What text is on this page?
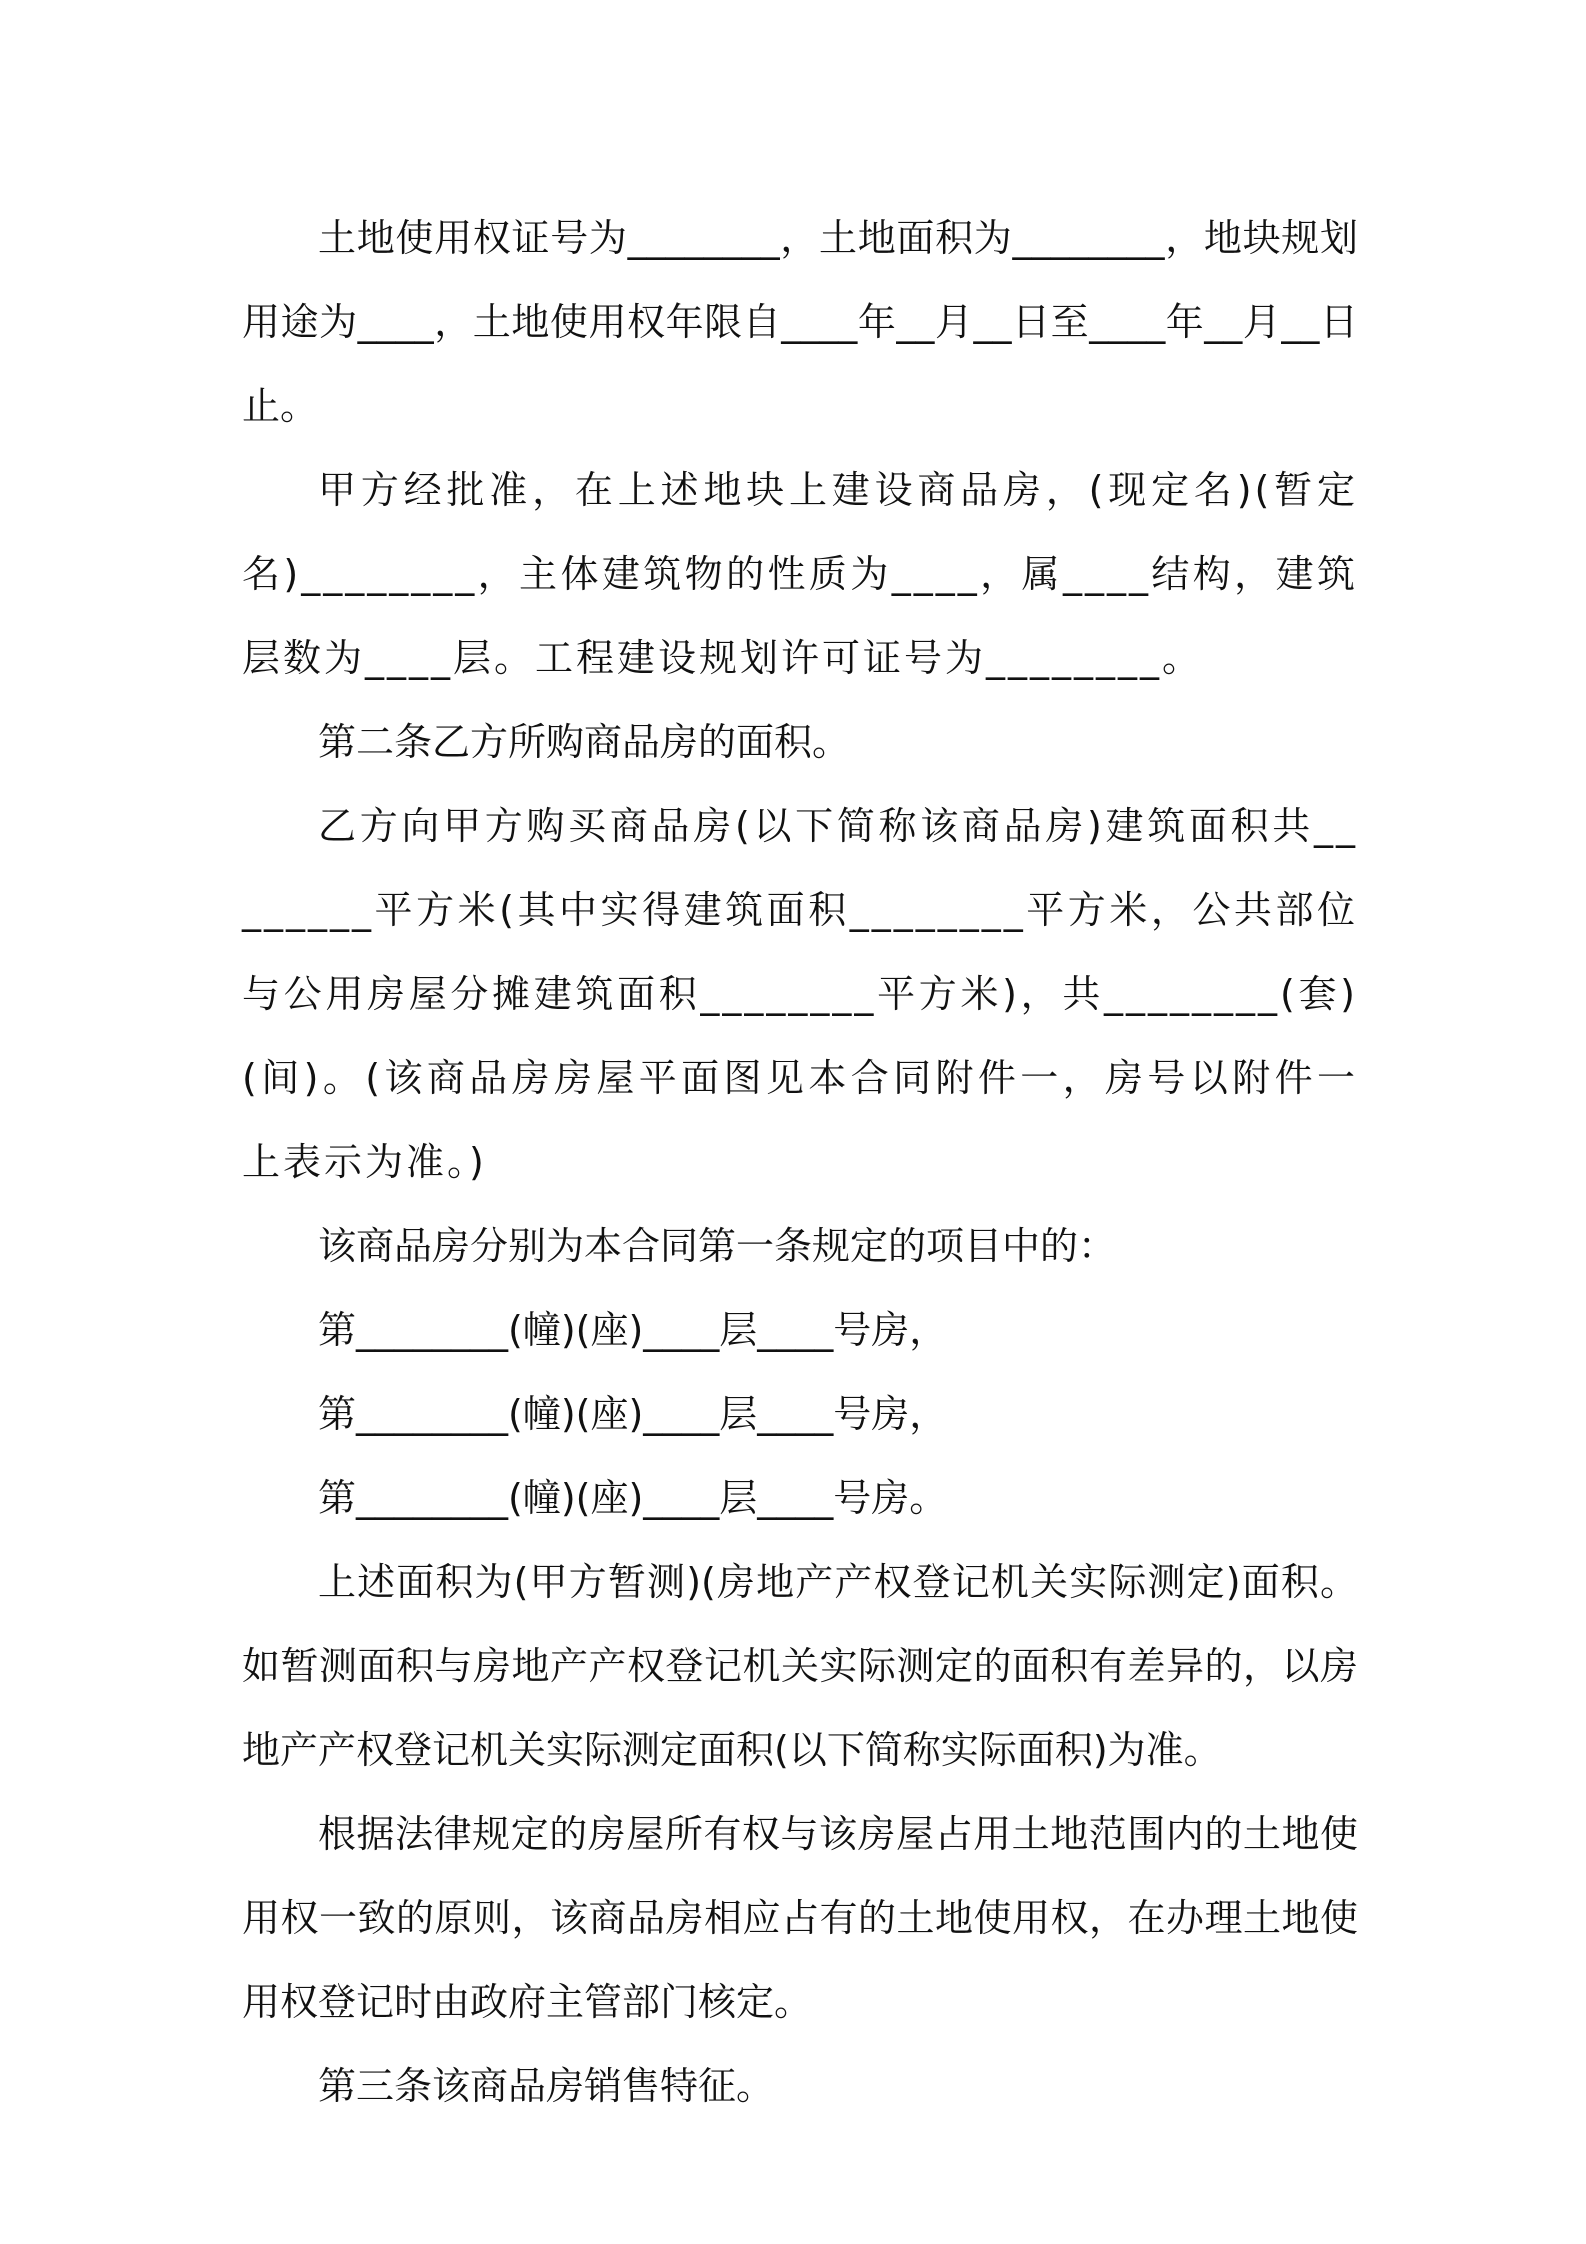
土地使用权证号为________，土地面积为________，地块规划用途为____，土地使用权年限自____年__月__日至____年__月__日止。

甲方经批准，在上述地块上建设商品房，(现定名)(暂定名)________，主体建筑物的性质为____，属____结构，建筑层数为____层。工程建设规划许可证号为________。

第二条乙方所购商品房的面积。

乙方向甲方购买商品房(以下简称该商品房)建筑面积共________平方米(其中实得建筑面积________平方米，公共部位与公用房屋分摊建筑面积________平方米)，共________(套)(间)。(该商品房房屋平面图见本合同附件一，房号以附件一上表示为准。)

该商品房分别为本合同第一条规定的项目中的：

第________(幢)(座)____层____号房，

第________(幢)(座)____层____号房，

第________(幢)(座)____层____号房。

上述面积为(甲方暂测)(房地产产权登记机关实际测定)面积。如暂测面积与房地产产权登记机关实际测定的面积有差异的，以房地产产权登记机关实际测定面积(以下简称实际面积)为准。

根据法律规定的房屋所有权与该房屋占用土地范围内的土地使用权一致的原则，该商品房相应占有的土地使用权，在办理土地使用权登记时由政府主管部门核定。

第三条该商品房销售特征。
